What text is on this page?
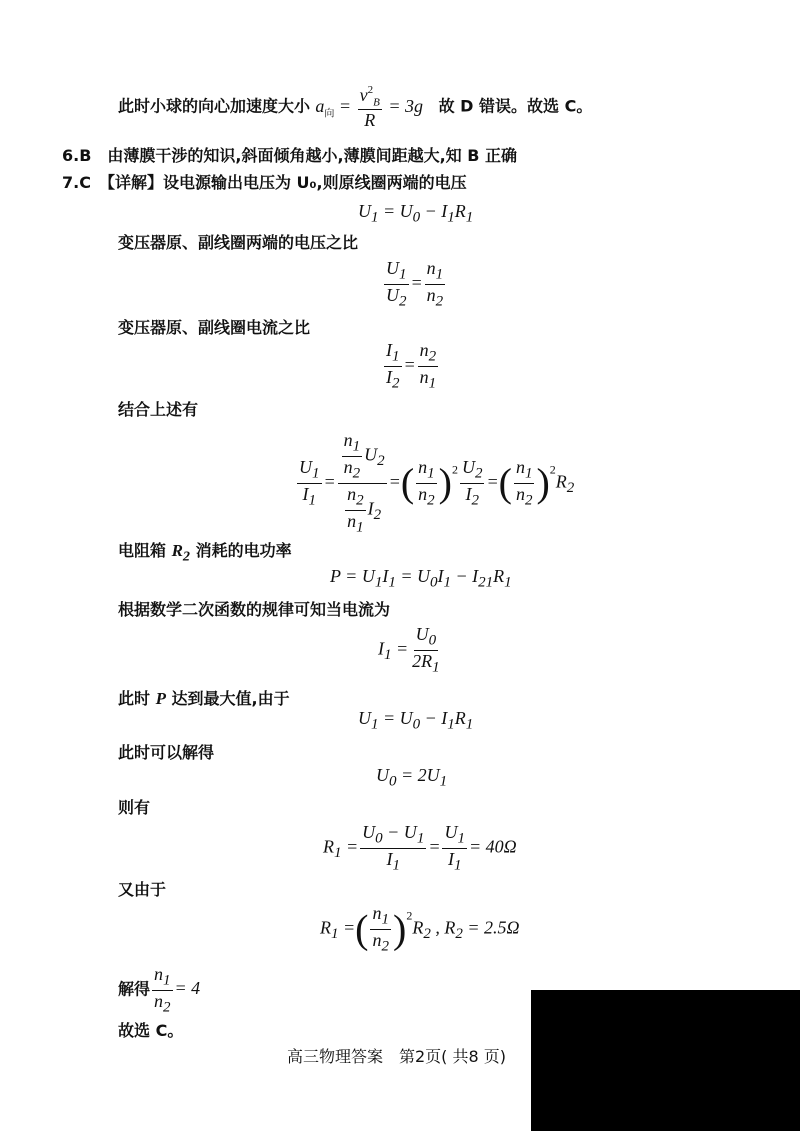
此时小球的向心加速度大小 $a_向 = \frac{v^2_B}{R} = 3g$   故 D 错误。故选 C。
6.B　由薄膜干涉的知识,斜面倾角越小,薄膜间距越大,知 B 正确
7.C　【详解】设电源输出电压为 U₀,则原线圈两端的电压
$U_1 = U_0 - I_1R_1$
变压器原、副线圈两端的电压之比
$\frac{U_1}{U_2} = \frac{n_1}{n_2}$
变压器原、副线圈电流之比
$\frac{I_1}{I_2} = \frac{n_2}{n_1}$
结合上述有
$\frac{U_1}{I_1} = \frac{\frac{n_1}{n_2} U_2}{\frac{n_2}{n_1} I_2}$ =( $\frac{n_1}{n_2} )^2 \frac{U_2}{I_2}$ =( $\frac{n_1}{n_2} )^2R_2$
电阻箱 $R_2$ 消耗的电功率
$P = U_1I_1 = U_0I_1 - I_{21}R_1$
根据数学二次函数的规律可知当电流为
$I_1 = \frac{U_0}{2R_1}$
此时 P 达到最大值,由于
$U_1 = U_0 - I_1R_1$
此时可以解得
$U_0 = 2U_1$
则有
$R_1 = \frac{U_0 - U_1}{I_1} = \frac{U_1}{I_1} = 40\Omega$
又由于
$R_1$ =( $\frac{n_1}{n_2} )^2R_2$ , $R_2 = 2.5\Omega$
解得 $\frac{n_1}{n_2} = 4$
故选 C。
高三物理答案　第2页( 共8 页)
